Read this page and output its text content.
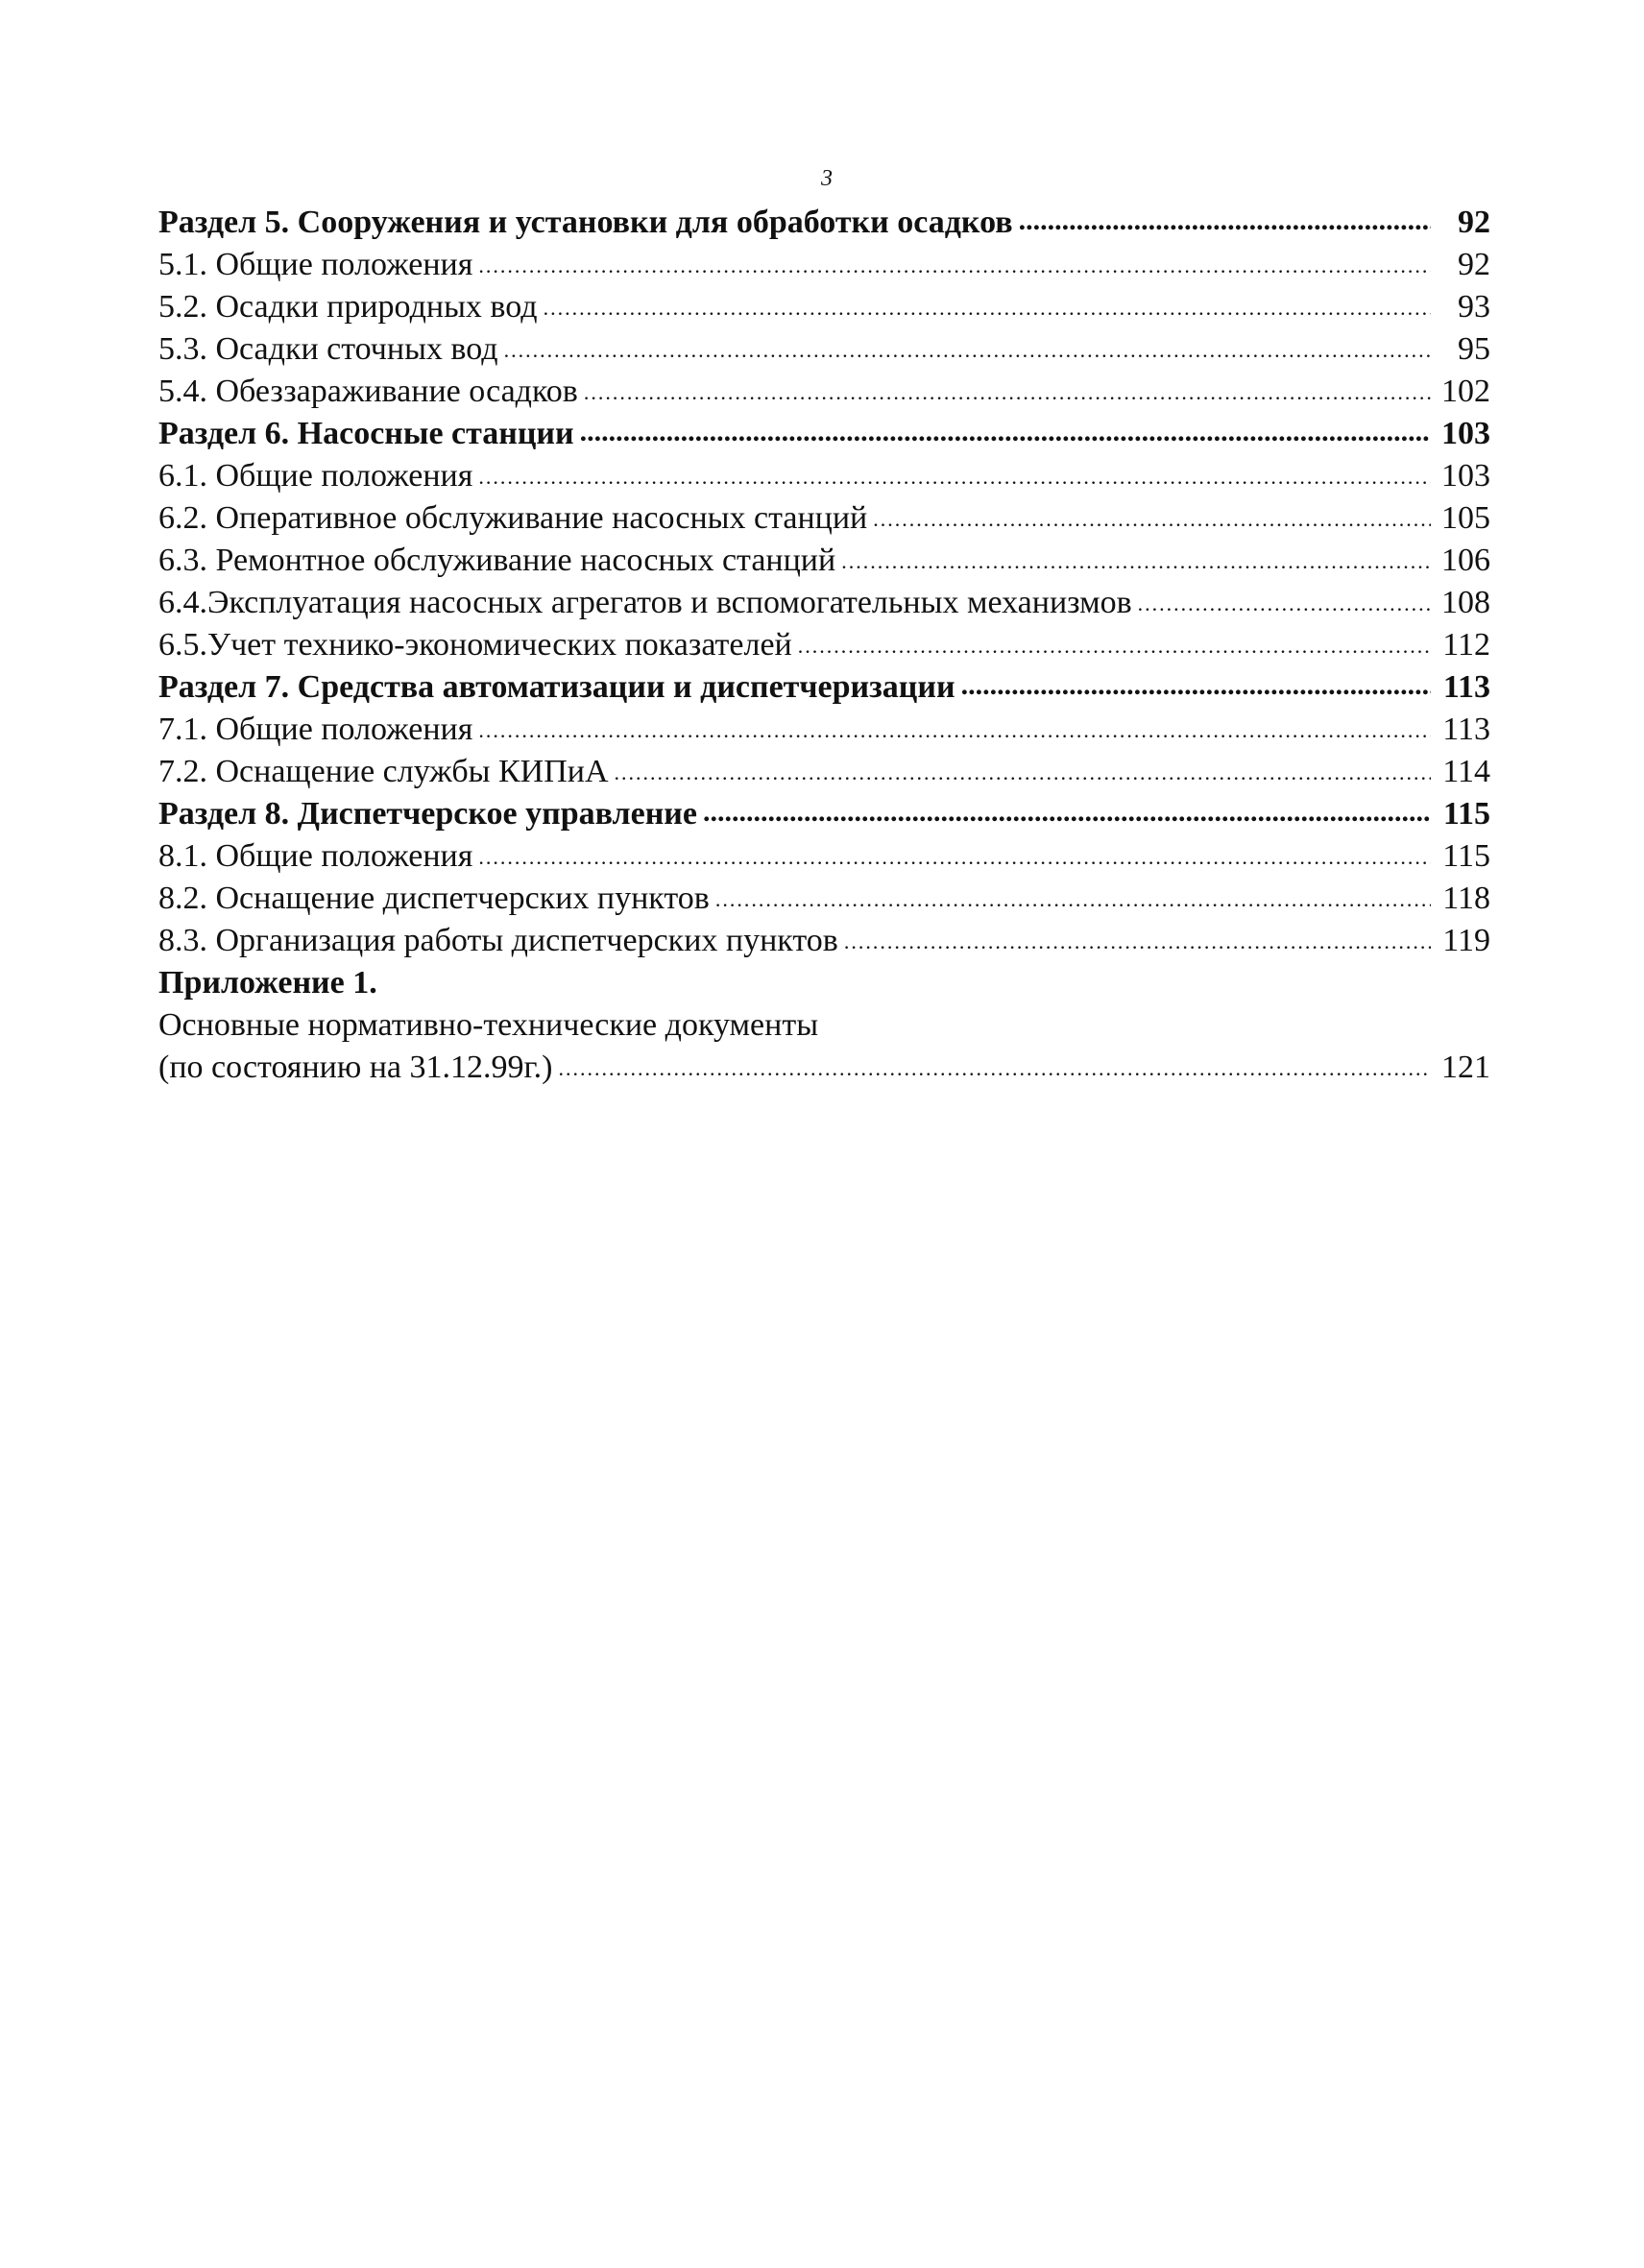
3
Раздел 5. Сооружения и установки для обработки осадков .....	92
5.1. Общие положения .....	92
5.2. Осадки природных вод .....	93
5.3. Осадки сточных вод .....	95
5.4. Обеззараживание осадков .....	102
Раздел 6. Насосные станции .....	103
6.1. Общие положения .....	103
6.2. Оперативное обслуживание насосных станций .....	105
6.3. Ремонтное обслуживание насосных станций .....	106
6.4.Эксплуатация насосных агрегатов и вспомогательных механизмов .....	108
6.5.Учет технико-экономических показателей .....	112
Раздел 7. Средства автоматизации и диспетчеризации .....	113
7.1. Общие положения .....	113
7.2. Оснащение службы КИПиА .....	114
Раздел 8. Диспетчерское управление .....	115
8.1. Общие положения .....	115
8.2. Оснащение диспетчерских пунктов .....	118
8.3. Организация работы диспетчерских пунктов .....	119
Приложение 1.
Основные нормативно-технические документы
(по состоянию на 31.12.99г.) .....	121
